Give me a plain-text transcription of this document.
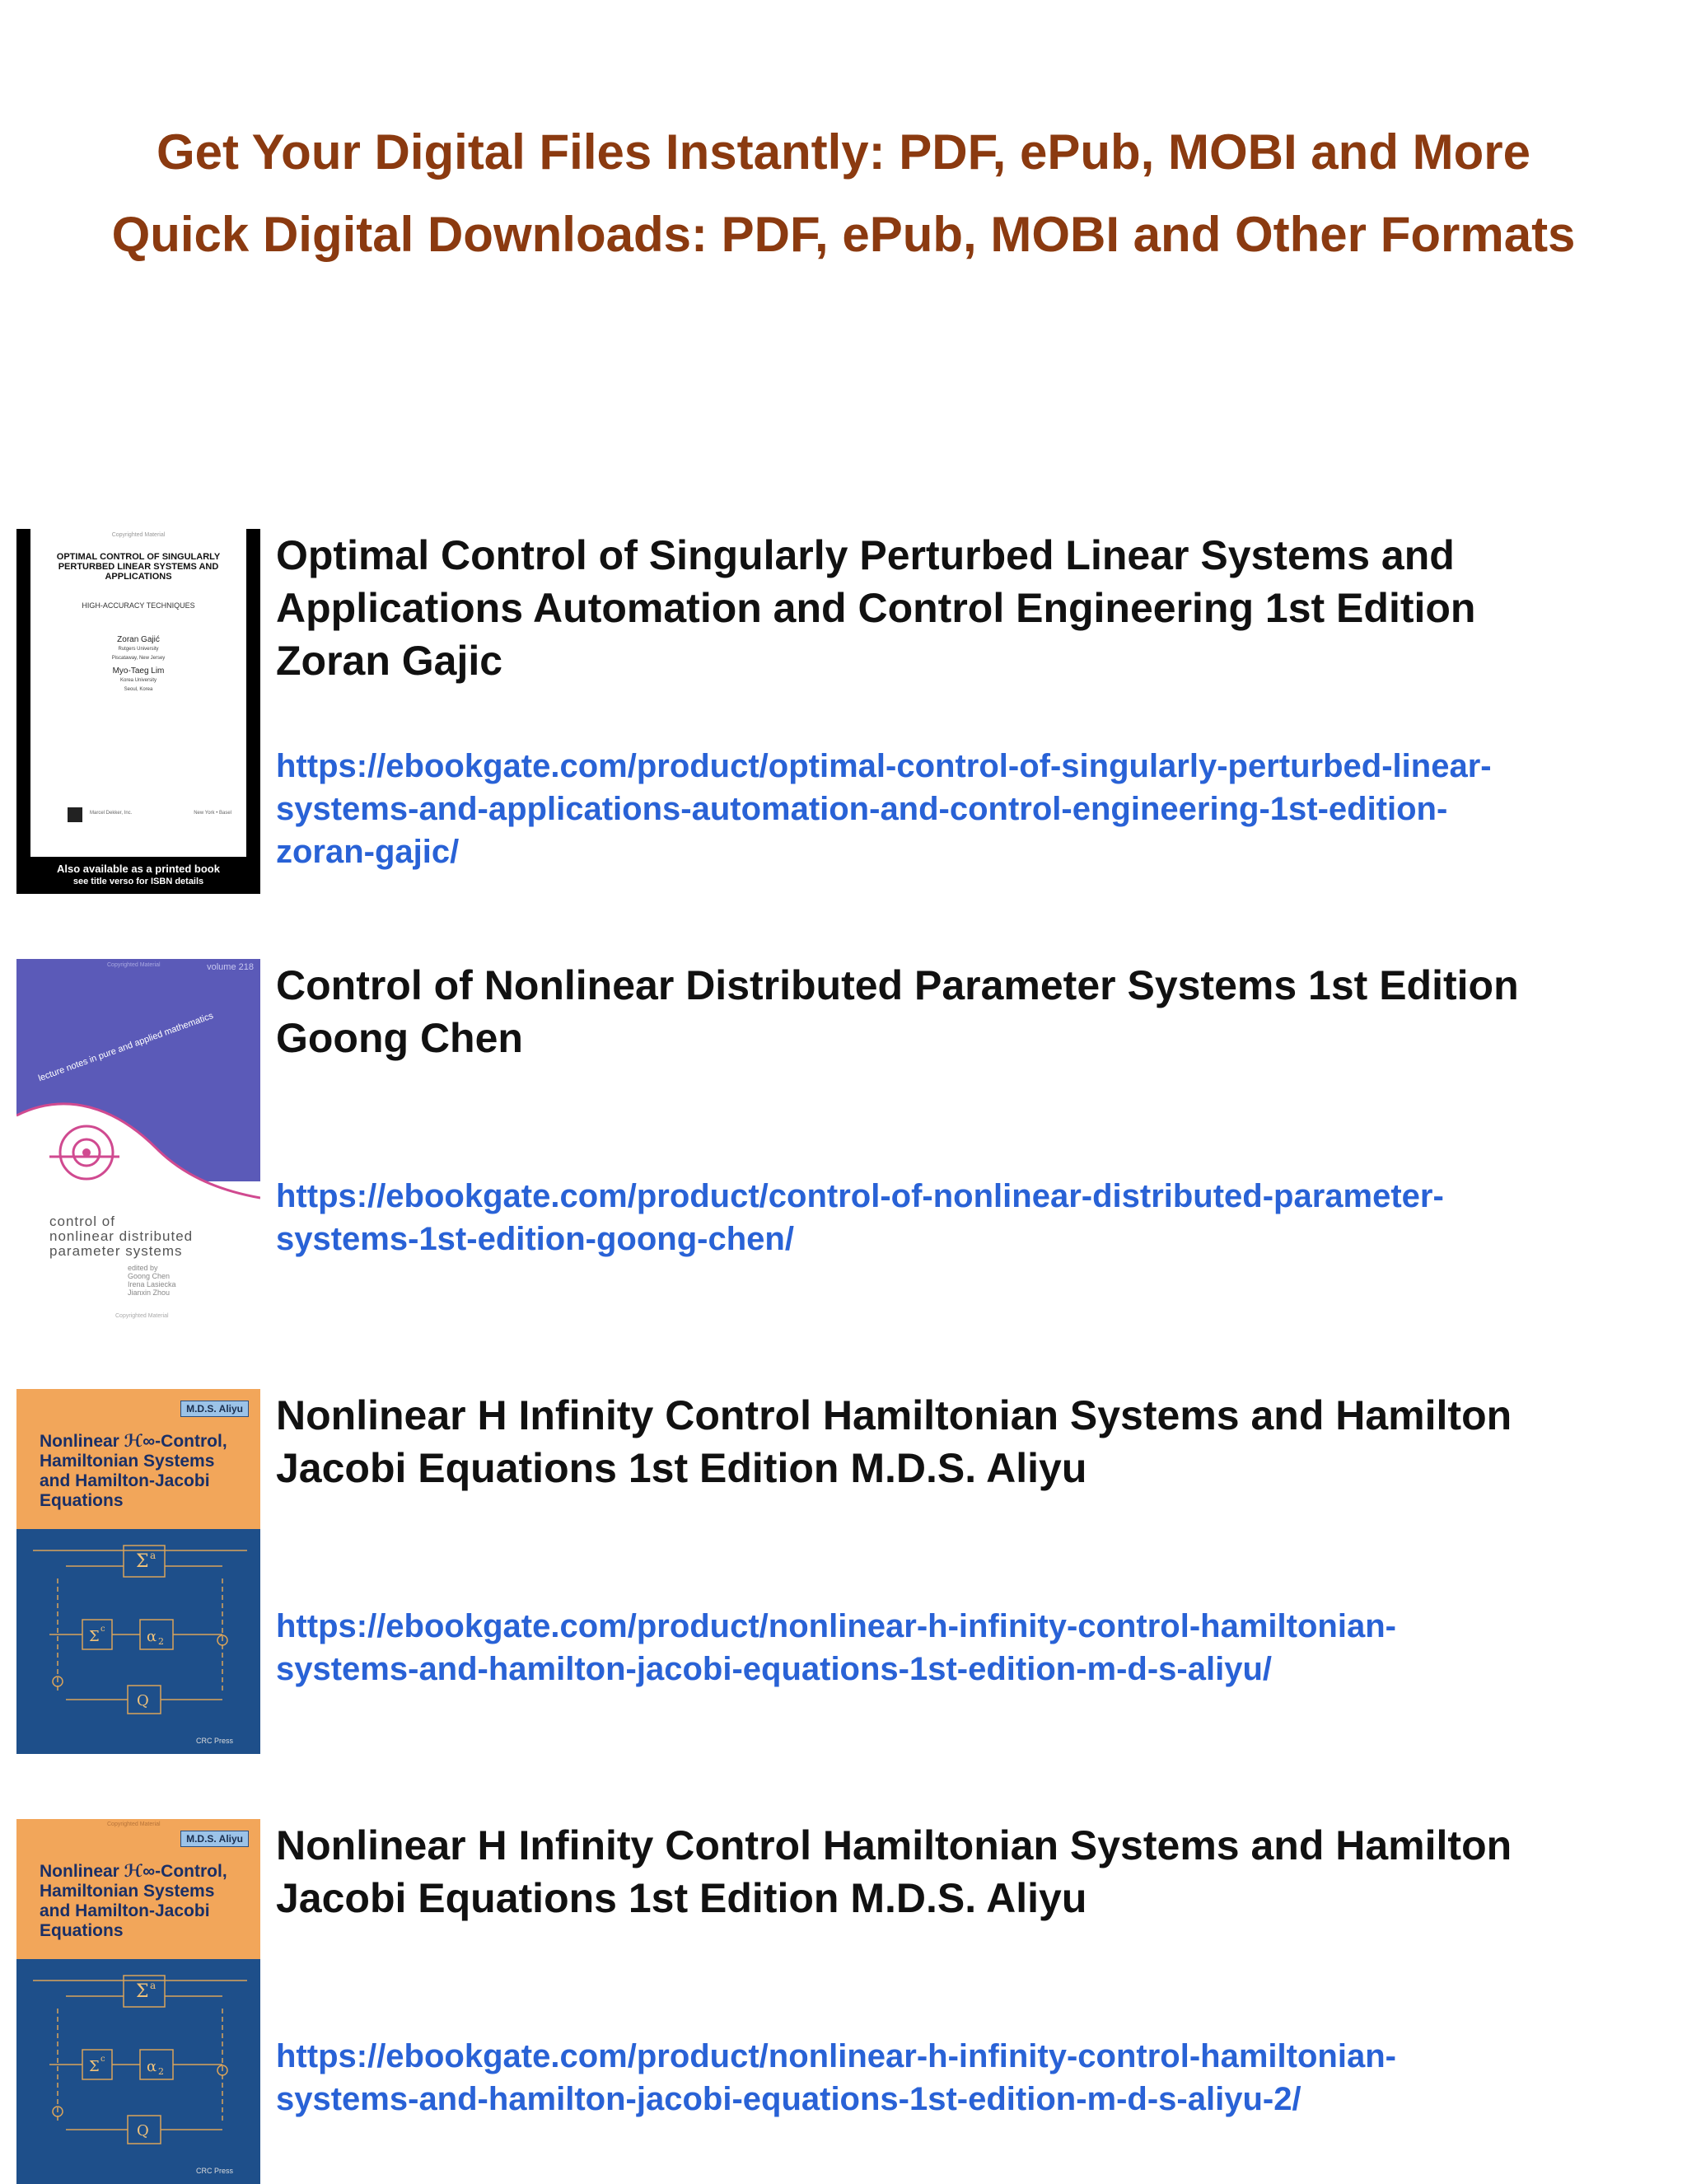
Get Your Digital Files Instantly: PDF, ePub, MOBI and More
Quick Digital Downloads: PDF, ePub, MOBI and Other Formats
Copyrighted Material
OPTIMAL CONTROL OF SINGULARLY PERTURBED LINEAR SYSTEMS AND APPLICATIONS
HIGH-ACCURACY TECHNIQUES
Zoran Gajić
Rutgers University
Piscataway, New Jersey
Myo-Taeg Lim
Korea University
Seoul, Korea
Marcel Dekker, Inc.	New York • Basel
Also available as a printed book
see title verso for ISBN details
Optimal Control of Singularly Perturbed Linear Systems and Applications Automation and Control Engineering 1st Edition Zoran Gajic
https://ebookgate.com/product/optimal-control-of-singularly-perturbed-linear-systems-and-applications-automation-and-control-engineering-1st-edition-zoran-gajic/
Copyrighted Material	volume 218
lecture notes in pure and applied mathematics
control of
nonlinear distributed
parameter systems
edited by
Goong Chen
Irena Lasiecka
Jianxin Zhou
Copyrighted Material
Control of Nonlinear Distributed Parameter Systems 1st Edition Goong Chen
https://ebookgate.com/product/control-of-nonlinear-distributed-parameter-systems-1st-edition-goong-chen/
M.D.S. Aliyu
Nonlinear ℋ∞-Control,
Hamiltonian Systems
and Hamilton-Jacobi
Equations
Σ a
Σ c	α 2
Q
CRC Press
Nonlinear H Infinity Control Hamiltonian Systems and Hamilton Jacobi Equations 1st Edition M.D.S. Aliyu
https://ebookgate.com/product/nonlinear-h-infinity-control-hamiltonian-systems-and-hamilton-jacobi-equations-1st-edition-m-d-s-aliyu/
Copyrighted Material
M.D.S. Aliyu
Nonlinear ℋ∞-Control,
Hamiltonian Systems
and Hamilton-Jacobi
Equations
Σ a
Σ c	α 2
Q
CRC Press
Nonlinear H Infinity Control Hamiltonian Systems and Hamilton Jacobi Equations 1st Edition M.D.S. Aliyu
https://ebookgate.com/product/nonlinear-h-infinity-control-hamiltonian-systems-and-hamilton-jacobi-equations-1st-edition-m-d-s-aliyu-2/
